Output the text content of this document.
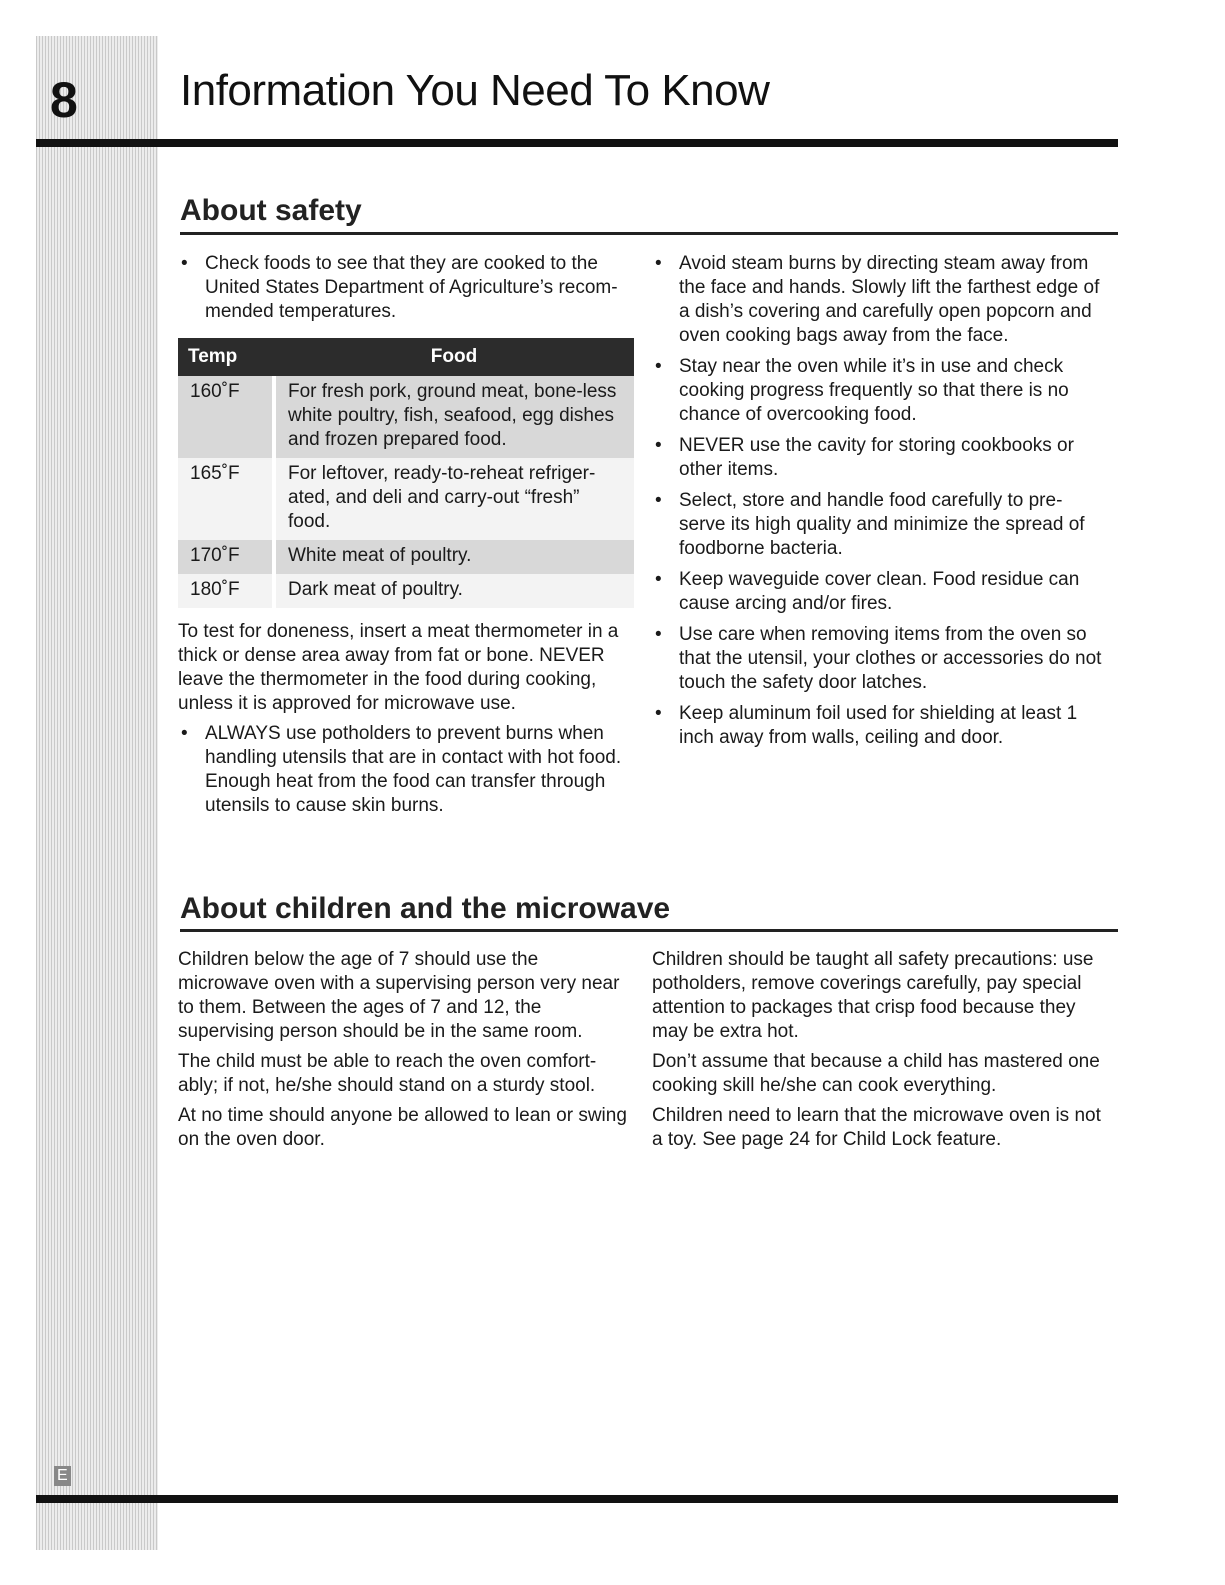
8 Information You Need To Know
About safety
• Check foods to see that they are cooked to the United States Department of Agriculture’s recom-mended temperatures.
Temp	Food
160˚F	For fresh pork, ground meat, bone-less white poultry, fish, seafood, egg dishes and frozen prepared food.
165˚F	For leftover, ready-to-reheat refriger-ated, and deli and carry-out “fresh” food.
170˚F	White meat of poultry.
180˚F	Dark meat of poultry.

To test for doneness, insert a meat thermometer in a thick or dense area away from fat or bone. NEVER leave the thermometer in the food during cooking, unless it is approved for microwave use.

• ALWAYS use potholders to prevent burns when handling utensils that are in contact with hot food. Enough heat from the food can transfer through utensils to cause skin burns.
• Avoid steam burns by directing steam away from the face and hands. Slowly lift the farthest edge of a dish’s covering and carefully open popcorn and oven cooking bags away from the face.
• Stay near the oven while it’s in use and check cooking progress frequently so that there is no chance of overcooking food.
• NEVER use the cavity for storing cookbooks or other items.
• Select, store and handle food carefully to pre-serve its high quality and minimize the spread of foodborne bacteria.
• Keep waveguide cover clean. Food residue can cause arcing and/or fires.
• Use care when removing items from the oven so that the utensil, your clothes or accessories do not touch the safety door latches.
• Keep aluminum foil used for shielding at least 1 inch away from walls, ceiling and door.
About children and the microwave

Children below the age of 7 should use the microwave oven with a supervising person very near to them. Between the ages of 7 and 12, the supervising person should be in the same room.

The child must be able to reach the oven comfort-ably; if not, he/she should stand on a sturdy stool.

At no time should anyone be allowed to lean or swing on the oven door.

Children should be taught all safety precautions: use potholders, remove coverings carefully, pay special attention to packages that crisp food because they may be extra hot.

Don’t assume that because a child has mastered one cooking skill he/she can cook everything.

Children need to learn that the microwave oven is not a toy. See page 24 for Child Lock feature.

E
